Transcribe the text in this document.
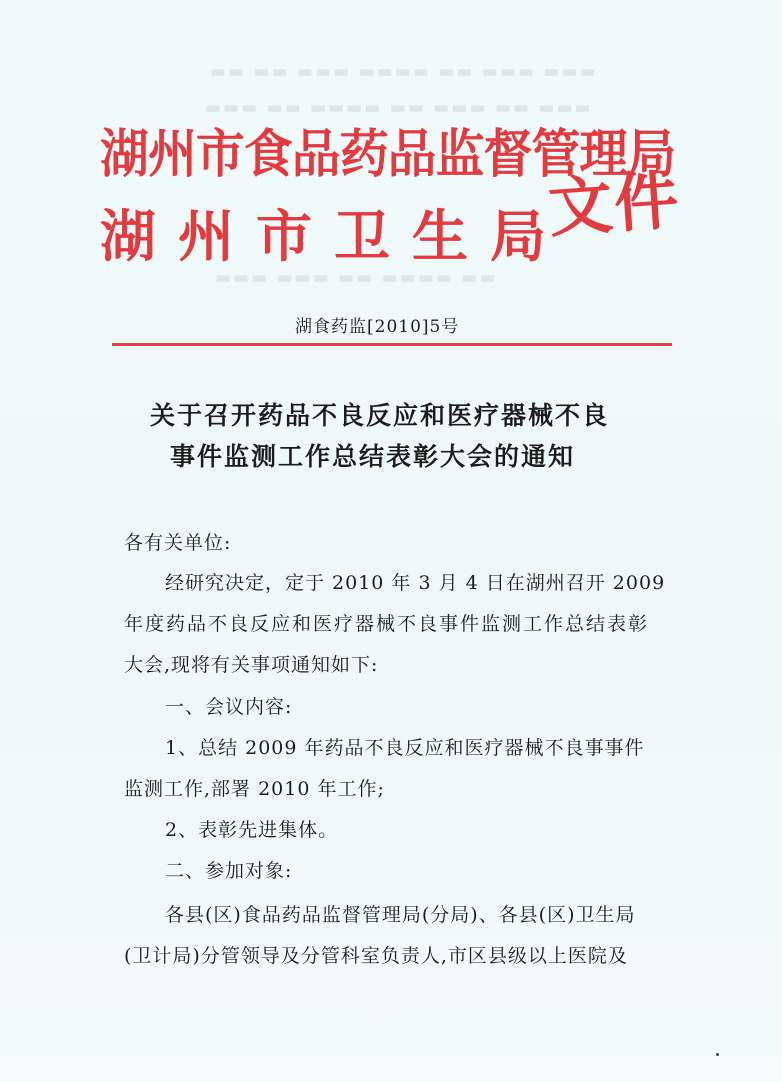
▬▬ ▬▬ ▬▬▬ ▬▬▬▬ ▬▬ ▬▬▬ ▬▬▬
▬▬▬ ▬▬ ▬▬▬▬ ▬▬ ▬▬▬ ▬▬ ▬▬▬
▬▬▬ ▬▬▬ ▬▬ ▬▬▬▬ ▬▬
湖州市食品药品监督管理局
湖州市卫生局
文件
湖食药监[2010]5号
关于召开药品不良反应和医疗器械不良
事件监测工作总结表彰大会的通知
各有关单位:
经研究决定，定于 2010 年 3 月 4 日在湖州召开 2009
年度药品不良反应和医疗器械不良事件监测工作总结表彰
大会,现将有关事项通知如下:
一、会议内容:
1、总结 2009 年药品不良反应和医疗器械不良事事件
监测工作,部署 2010 年工作;
2、表彰先进集体。
二、参加对象:
各县(区)食品药品监督管理局(分局)、各县(区)卫生局
(卫计局)分管领导及分管科室负责人,市区县级以上医院及
